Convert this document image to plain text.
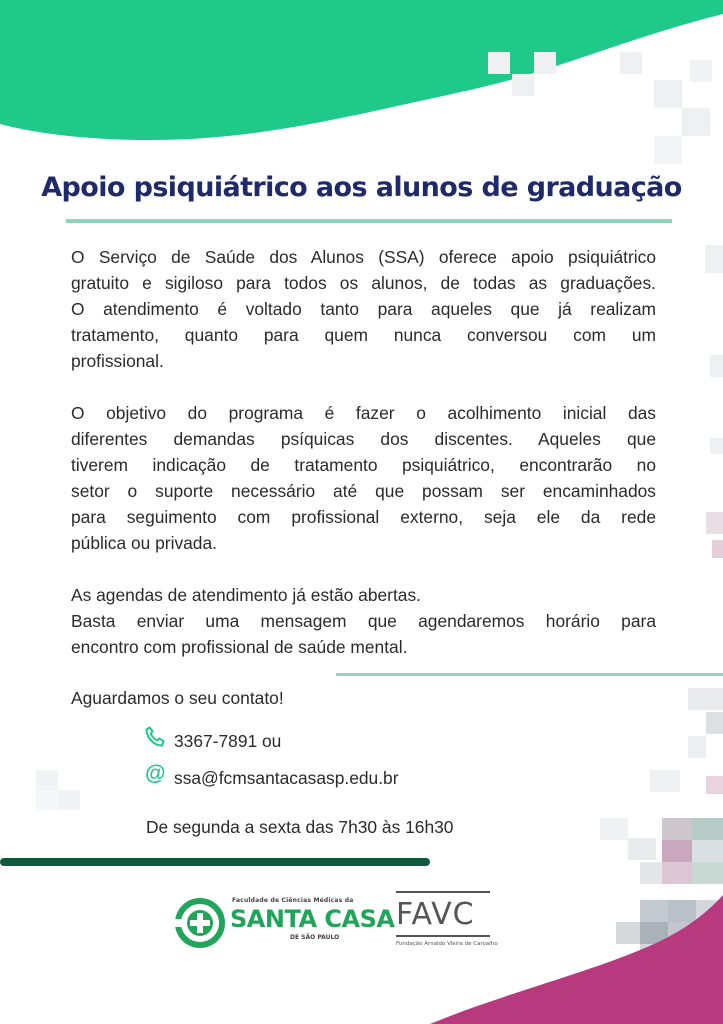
Apoio psiquiátrico aos alunos de graduação

O Serviço de Saúde dos Alunos (SSA) oferece apoio psiquiátrico
gratuito e sigiloso para todos os alunos, de todas as graduações.
O atendimento é voltado tanto para aqueles que já realizam
tratamento, quanto para quem nunca conversou com um
profissional.

O objetivo do programa é fazer o acolhimento inicial das
diferentes demandas psíquicas dos discentes. Aqueles que
tiverem indicação de tratamento psiquiátrico, encontrarão no
setor o suporte necessário até que possam ser encaminhados
para seguimento com profissional externo, seja ele da rede
pública ou privada.

As agendas de atendimento já estão abertas.
Basta enviar uma mensagem que agendaremos horário para
encontro com profissional de saúde mental.

Aguardamos o seu contato!

3367-7891 ou

@ ssa@fcmsantacasasp.edu.br

De segunda a sexta das 7h30 às 16h30

Faculdade de Ciências Médicas da
SANTA CASA
DE SÃO PAULO
FAVC
Fundação Arnaldo Vieira de Carvalho
